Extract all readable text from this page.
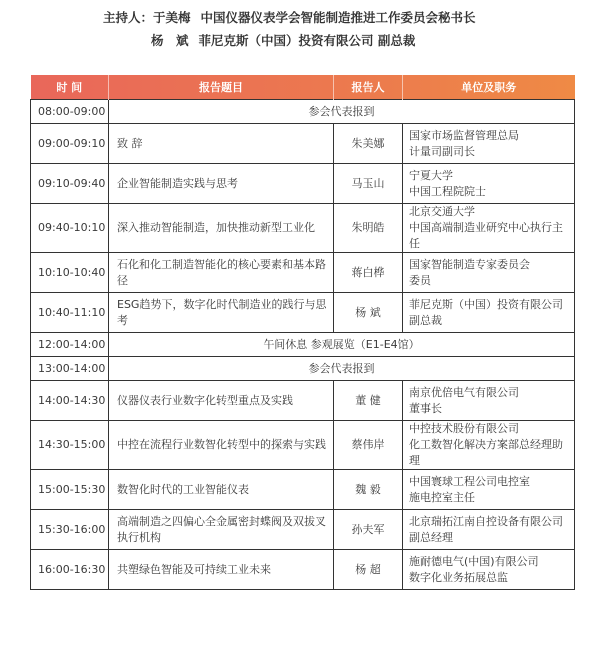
主持人：于美梅 中国仪器仪表学会智能制造推进工作委员会秘书长
杨　斌 菲尼克斯（中国）投资有限公司 副总裁
时 间	报告题目	报告人	单位及职务
08:00-09:00	参会代表报到		
09:00-09:10	致 辞	朱美娜	国家市场监督管理总局
计量司副司长

09:10-09:40	企业智能制造实践与思考	马玉山	宁夏大学
中国工程院院士

09:40-10:10	深入推动智能制造，加快推动新型工业化	朱明皓	北京交通大学
中国高端制造业研究中心执行主任

10:10-10:40	石化和化工制造智能化的核心要素和基本路径	蒋白桦	国家智能制造专家委员会
委员

10:40-11:10	ESG趋势下，数字化时代制造业的践行与思考	杨 斌	菲尼克斯（中国）投资有限公司
副总裁

12:00-14:00	午间休息 参观展览（E1-E4馆）		
13:00-14:00	参会代表报到		
14:00-14:30	仪器仪表行业数字化转型重点及实践	董 健	南京优倍电气有限公司
董事长

14:30-15:00	中控在流程行业数智化转型中的探索与实践	蔡伟岸	中控技术股份有限公司
化工数智化解决方案部总经理助理

15:00-15:30	数智化时代的工业智能仪表	魏 毅	中国寰球工程公司电控室
施电控室主任

15:30-16:00	高端制造之四偏心全金属密封蝶阀及双拔叉执行机构	孙夫军	北京瑞拓江南自控设备有限公司
副总经理

16:00-16:30	共塑绿色智能及可持续工业未来	杨 超	施耐德电气(中国)有限公司
数字化业务拓展总监
